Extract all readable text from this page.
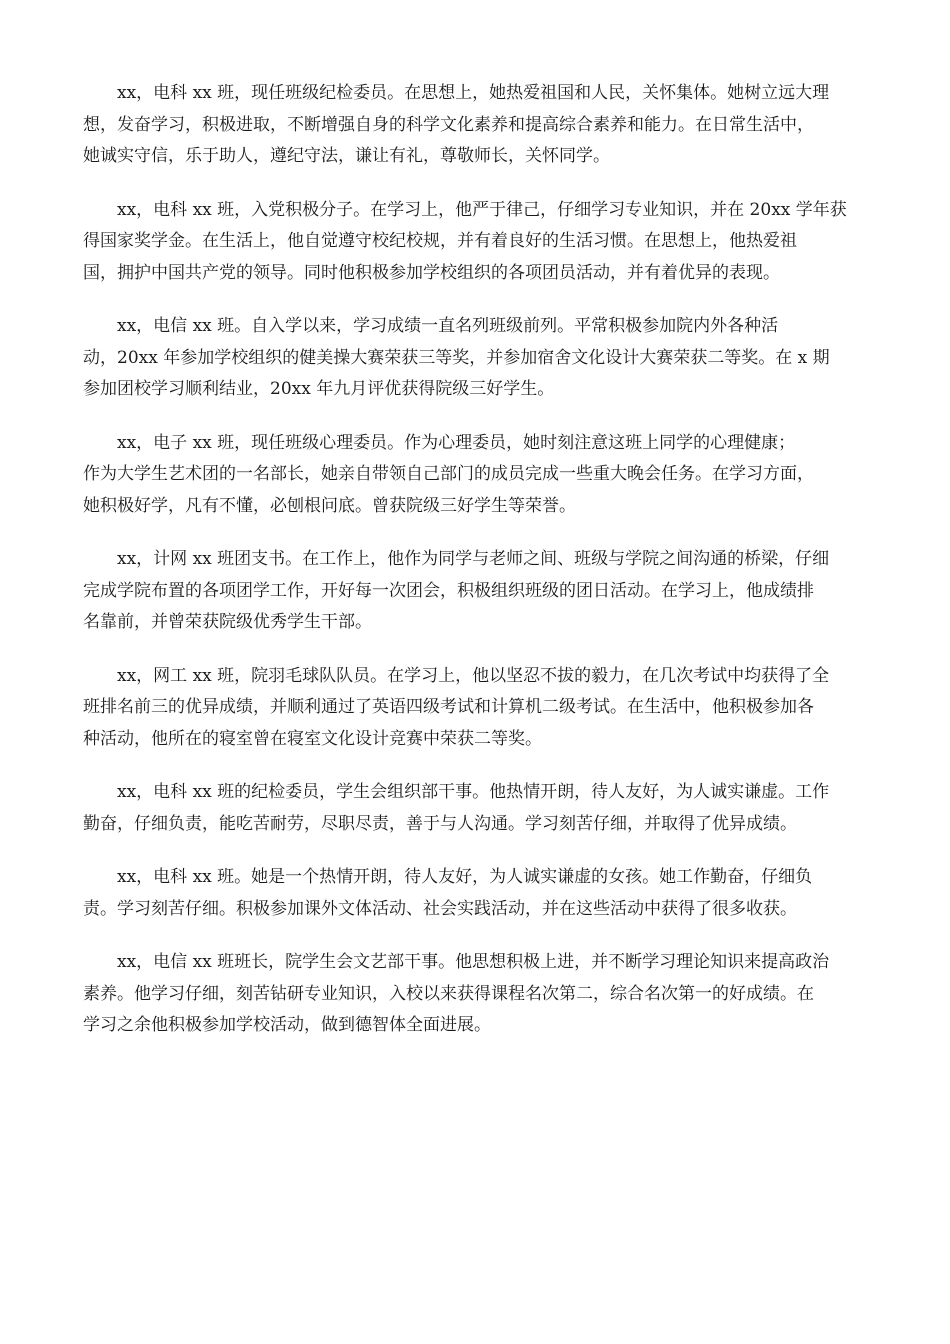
xx，电科 xx 班，现任班级纪检委员。在思想上，她热爱祖国和人民，关怀集体。她树立远大理
想，发奋学习，积极进取，不断增强自身的科学文化素养和提高综合素养和能力。在日常生活中，
她诚实守信，乐于助人，遵纪守法，谦让有礼，尊敬师长，关怀同学。

xx，电科 xx 班，入党积极分子。在学习上，他严于律己，仔细学习专业知识，并在 20xx 学年获
得国家奖学金。在生活上，他自觉遵守校纪校规，并有着良好的生活习惯。在思想上，他热爱祖
国，拥护中国共产党的领导。同时他积极参加学校组织的各项团员活动，并有着优异的表现。

xx，电信 xx 班。自入学以来，学习成绩一直名列班级前列。平常积极参加院内外各种活
动，20xx 年参加学校组织的健美操大赛荣获三等奖，并参加宿舍文化设计大赛荣获二等奖。在 x 期
参加团校学习顺利结业，20xx 年九月评优获得院级三好学生。

xx，电子 xx 班，现任班级心理委员。作为心理委员，她时刻注意这班上同学的心理健康；
作为大学生艺术团的一名部长，她亲自带领自己部门的成员完成一些重大晚会任务。在学习方面，
她积极好学，凡有不懂，必刨根问底。曾获院级三好学生等荣誉。

xx，计网 xx 班团支书。在工作上，他作为同学与老师之间、班级与学院之间沟通的桥梁，仔细
完成学院布置的各项团学工作，开好每一次团会，积极组织班级的团日活动。在学习上，他成绩排
名靠前，并曾荣获院级优秀学生干部。

xx，网工 xx 班，院羽毛球队队员。在学习上，他以坚忍不拔的毅力，在几次考试中均获得了全
班排名前三的优异成绩，并顺利通过了英语四级考试和计算机二级考试。在生活中，他积极参加各
种活动，他所在的寝室曾在寝室文化设计竞赛中荣获二等奖。

xx，电科 xx 班的纪检委员，学生会组织部干事。他热情开朗，待人友好，为人诚实谦虚。工作
勤奋，仔细负责，能吃苦耐劳，尽职尽责，善于与人沟通。学习刻苦仔细，并取得了优异成绩。

xx，电科 xx 班。她是一个热情开朗，待人友好，为人诚实谦虚的女孩。她工作勤奋，仔细负
责。学习刻苦仔细。积极参加课外文体活动、社会实践活动，并在这些活动中获得了很多收获。

xx，电信 xx 班班长，院学生会文艺部干事。他思想积极上进，并不断学习理论知识来提高政治
素养。他学习仔细，刻苦钻研专业知识，入校以来获得课程名次第二，综合名次第一的好成绩。在
学习之余他积极参加学校活动，做到德智体全面进展。
